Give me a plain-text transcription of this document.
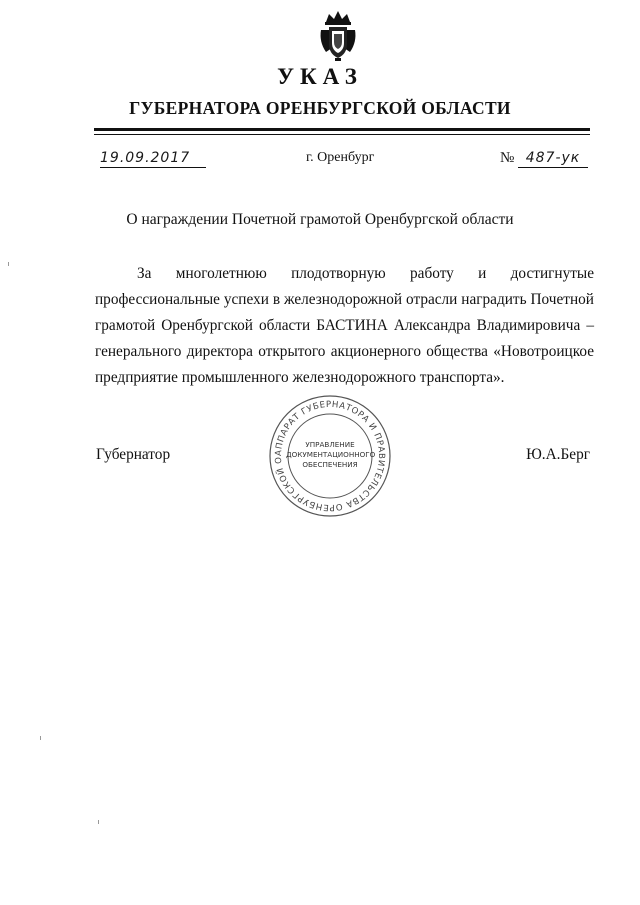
УКАЗ
ГУБЕРНАТОРА ОРЕНБУРГСКОЙ ОБЛАСТИ
19.09.2017	г. Оренбург	№ 487-ук
О награждении Почетной грамотой Оренбургской области
За многолетнюю плодотворную работу и достигнутые профессиональные успехи в железнодорожной отрасли наградить Почетной грамотой Оренбургской области БАСТИНА Александра Владимировича – генерального директора открытого акционерного общества «Новотроицкое предприятие промышленного железнодорожного транспорта».
Губернатор	Ю.А.Берг
АППАРАТ ГУБЕРНАТОРА И ПРАВИТЕЛЬСТВА ОРЕНБУРГСКОЙ О
УПРАВЛЕНИЕ
ДОКУМЕНТАЦИОННОГО
ОБЕСПЕЧЕНИЯ
